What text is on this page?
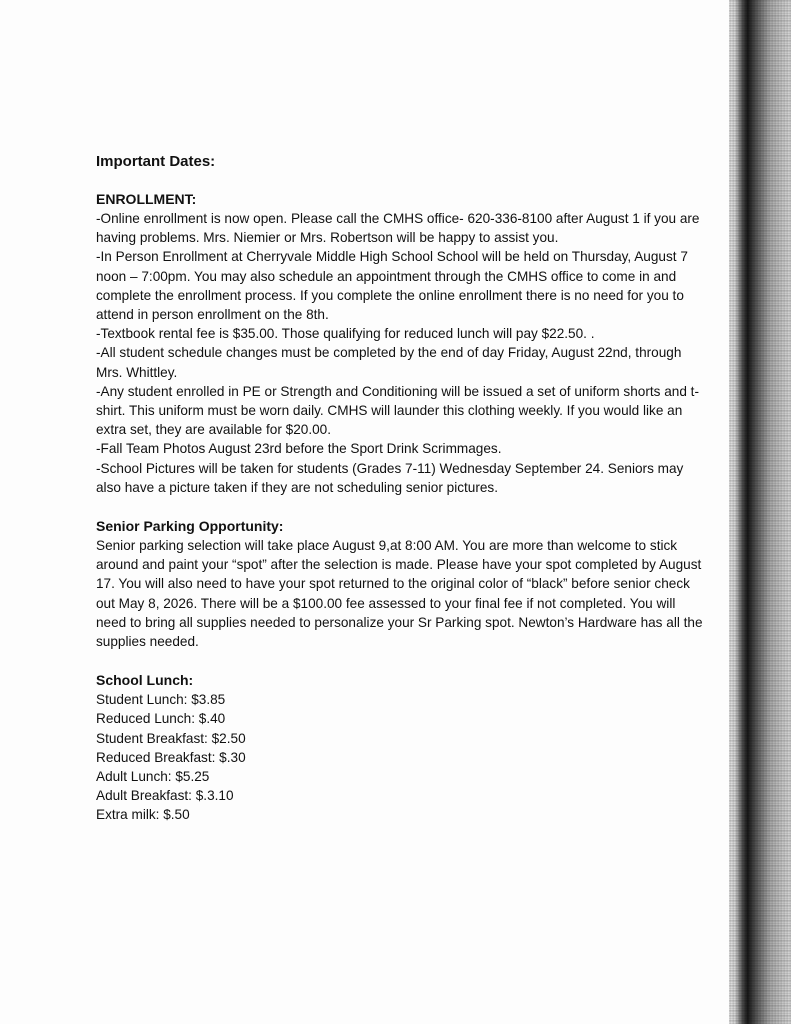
Important Dates:

ENROLLMENT:

-Online enrollment is now open. Please call the CMHS office- 620-336-8100 after August 1 if you are having problems. Mrs. Niemier or Mrs. Robertson will be happy to assist you.

-In Person Enrollment at Cherryvale Middle High School School will be held on Thursday, August 7 noon – 7:00pm. You may also schedule an appointment through the CMHS office to come in and complete the enrollment process. If you complete the online enrollment there is no need for you to attend in person enrollment on the 8th.

-Textbook rental fee is $35.00. Those qualifying for reduced lunch will pay $22.50. .

-All student schedule changes must be completed by the end of day Friday, August 22nd, through Mrs. Whittley.

-Any student enrolled in PE or Strength and Conditioning will be issued a set of uniform shorts and t-shirt. This uniform must be worn daily. CMHS will launder this clothing weekly. If you would like an extra set, they are available for $20.00.

-Fall Team Photos August 23rd before the Sport Drink Scrimmages.

-School Pictures will be taken for students (Grades 7-11) Wednesday September 24. Seniors may also have a picture taken if they are not scheduling senior pictures.

Senior Parking Opportunity:

Senior parking selection will take place August 9,at 8:00 AM. You are more than welcome to stick around and paint your “spot” after the selection is made. Please have your spot completed by August 17. You will also need to have your spot returned to the original color of “black” before senior check out May 8, 2026. There will be a $100.00 fee assessed to your final fee if not completed. You will need to bring all supplies needed to personalize your Sr Parking spot. Newton’s Hardware has all the supplies needed.

School Lunch:

Student Lunch: $3.85

Reduced Lunch: $.40

Student Breakfast: $2.50

Reduced Breakfast: $.30

Adult Lunch: $5.25

Adult Breakfast: $.3.10

Extra milk: $.50
